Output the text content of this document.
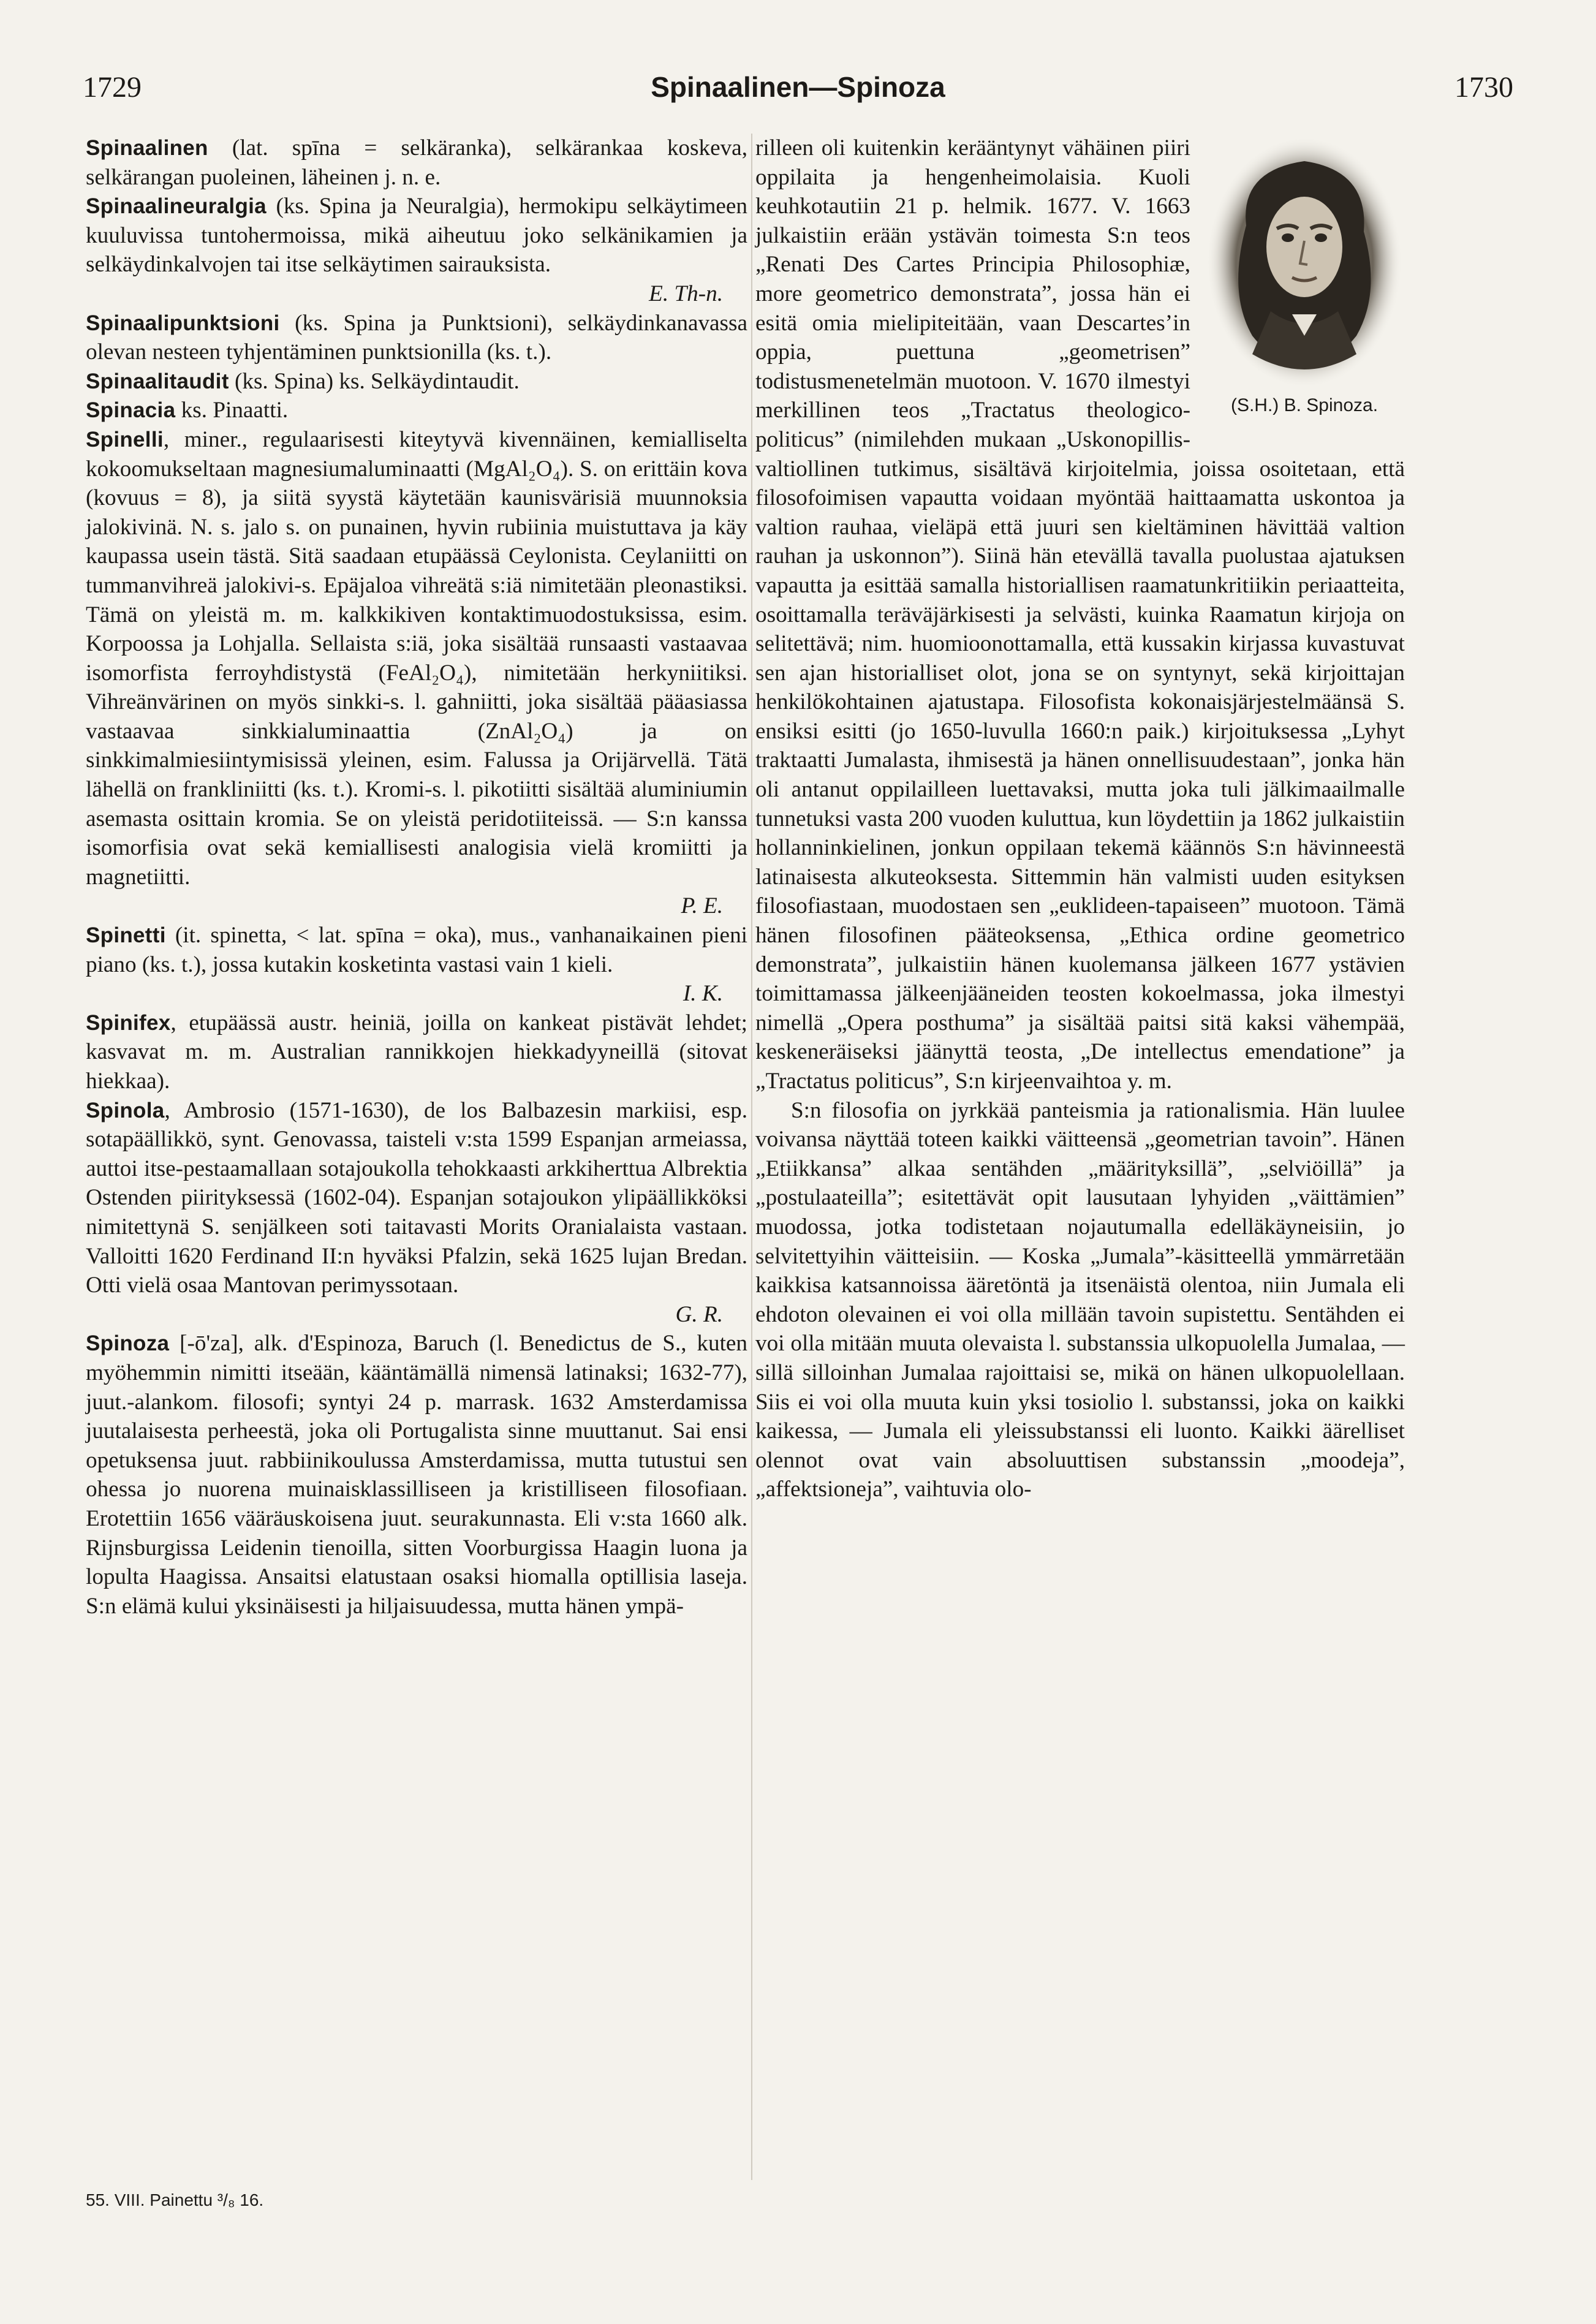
1729	Spinaalinen—Spinoza	1730

Spinaalinen (lat. spīna = selkäranka), selkärankaa koskeva, selkärangan puoleinen, läheinen j. n. e.

Spinaalineuralgia (ks. Spina ja Neuralgia), hermokipu selkäytimeen kuuluvissa tuntohermoissa, mikä aiheutuu joko selkänikamien ja selkäydinkalvojen tai itse selkäytimen sairauksista.

E. Th-n.

Spinaalipunktsioni (ks. Spina ja Punktsioni), selkäydinkanavassa olevan nesteen tyhjentäminen punktsionilla (ks. t.).

Spinaalitaudit (ks. Spina) ks. Selkäydintaudit.

Spinacia ks. Pinaatti.

Spinelli, miner., regulaarisesti kiteytyvä kivennäinen, kemialliselta kokoomukseltaan magnesiumaluminaatti (MgAl₂O₄). S. on erittäin kova (kovuus = 8), ja siitä syystä käytetään kaunisvärisiä muunnoksia jalokivinä. N. s. jalo s. on punainen, hyvin rubiinia muistuttava ja käy kaupassa usein tästä. Sitä saadaan etupäässä Ceylonista. Ceylaniitti on tummanvihreä jalokivi-s. Epäjaloa vihreätä s:iä nimitetään pleonastiksi. Tämä on yleistä m. m. kalkkikiven kontaktimuodostuksissa, esim. Korpoossa ja Lohjalla. Sellaista s:iä, joka sisältää runsaasti vastaavaa isomorfista ferroyhdistystä (FeAl₂O₄), nimitetään herkyniitiksi. Vihreänvärinen on myös sinkki-s. l. gahniitti, joka sisältää pääasiassa vastaavaa sinkkialuminaattia (ZnAl₂O₄) ja on sinkkimalmiesiintymisissä yleinen, esim. Falussa ja Orijärvellä. Tätä lähellä on frankliniitti (ks. t.). Kromi-s. l. pikotiitti sisältää aluminiumin asemasta osittain kromia. Se on yleistä peridotiiteissä. — S:n kanssa isomorfisia ovat sekä kemiallisesti analogisia vielä kromiitti ja magnetiitti.

P. E.

Spinetti (it. spinetta, < lat. spīna = oka), mus., vanhanaikainen pieni piano (ks. t.), jossa kutakin kosketinta vastasi vain 1 kieli.

I. K.

Spinifex, etupäässä austr. heiniä, joilla on kankeat pistävät lehdet; kasvavat m. m. Australian rannikkojen hiekkadyyneillä (sitovat hiekkaa).

Spinola, Ambrosio (1571-1630), de los Balbazesin markiisi, esp. sotapäällikkö, synt. Genovassa, taisteli v:sta 1599 Espanjan armeiassa, auttoi itse-pestaamallaan sotajoukolla tehokkaasti arkkiherttua Albrektia Ostenden piirityksessä (1602-04). Espanjan sotajoukon ylipäällikköksi nimitettynä S. senjälkeen soti taitavasti Morits Oranialaista vastaan. Valloitti 1620 Ferdinand II:n hyväksi Pfalzin, sekä 1625 lujan Bredan. Otti vielä osaa Mantovan perimyssotaan.

G. R.

Spinoza [-ō'za], alk. d'Espinoza, Baruch (l. Benedictus de S., kuten myöhemmin nimitti itseään, kääntämällä nimensä latinaksi; 1632-77), juut.-alankom. filosofi; syntyi 24 p. marrask. 1632 Amsterdamissa juutalaisesta perheestä, joka oli Portugalista sinne muuttanut. Sai ensi opetuksensa juut. rabbiinikoulussa Amsterdamissa, mutta tutustui sen ohessa jo nuorena muinaisklassilliseen ja kristilliseen filosofiaan. Erotettiin 1656 vääräuskoisena juut. seurakunnasta. Eli v:sta 1660 alk. Rijnsburgissa Leidenin tienoilla, sitten Voorburgissa Haagin luona ja lopulta Haagissa. Ansaitsi elatustaan osaksi hiomalla optillisia laseja. S:n elämä kului yksinäisesti ja hiljaisuudessa, mutta hänen ympä-

(S.H.) B. Spinoza.

rilleen oli kuitenkin kerääntynyt vähäinen piiri oppilaita ja hengenheimolaisia. Kuoli keuhkotautiin 21 p. helmik. 1677. V. 1663 julkaistiin erään ystävän toimesta S:n teos „Renati Des Cartes Principia Philosophiæ, more geometrico demonstrata”, jossa hän ei esitä omia mielipiteitään, vaan Descartes’in oppia, puettuna „geometrisen” todistusmenetelmän muotoon. V. 1670 ilmestyi merkillinen teos „Tractatus theologico-politicus” (nimilehden mukaan „Uskonopillis-valtiollinen tutkimus, sisältävä kirjoitelmia, joissa osoitetaan, että filosofoimisen vapautta voidaan myöntää haittaamatta uskontoa ja valtion rauhaa, vieläpä että juuri sen kieltäminen hävittää valtion rauhan ja uskonnon”). Siinä hän etevällä tavalla puolustaa ajatuksen vapautta ja esittää samalla historiallisen raamatunkritiikin periaatteita, osoittamalla teräväjärkisesti ja selvästi, kuinka Raamatun kirjoja on selitettävä; nim. huomioonottamalla, että kussakin kirjassa kuvastuvat sen ajan historialliset olot, jona se on syntynyt, sekä kirjoittajan henkilökohtainen ajatustapa. Filosofista kokonaisjärjestelmäänsä S. ensiksi esitti (jo 1650-luvulla 1660:n paik.) kirjoituksessa „Lyhyt traktaatti Jumalasta, ihmisestä ja hänen onnellisuudestaan”, jonka hän oli antanut oppilailleen luettavaksi, mutta joka tuli jälkimaailmalle tunnetuksi vasta 200 vuoden kuluttua, kun löydettiin ja 1862 julkaistiin hollanninkielinen, jonkun oppilaan tekemä käännös S:n hävinneestä latinaisesta alkuteoksesta. Sittemmin hän valmisti uuden esityksen filosofiastaan, muodostaen sen „euklideen-tapaiseen” muotoon. Tämä hänen filosofinen pääteoksensa, „Ethica ordine geometrico demonstrata”, julkaistiin hänen kuolemansa jälkeen 1677 ystävien toimittamassa jälkeenjääneiden teosten kokoelmassa, joka ilmestyi nimellä „Opera posthuma” ja sisältää paitsi sitä kaksi vähempää, keskeneräiseksi jäänyttä teosta, „De intellectus emendatione” ja „Tractatus politicus”, S:n kirjeenvaihtoa y. m.

S:n filosofia on jyrkkää panteismia ja rationalismia. Hän luulee voivansa näyttää toteen kaikki väitteensä „geometrian tavoin”. Hänen „Etiikkansa” alkaa sentähden „määrityksillä”, „selviöillä” ja „postulaateilla”; esitettävät opit lausutaan lyhyiden „väittämien” muodossa, jotka todistetaan nojautumalla edelläkäyneisiin, jo selvitettyihin väitteisiin. — Koska „Jumala”-käsitteellä ymmärretään kaikkisa katsannoissa ääretöntä ja itsenäistä olentoa, niin Jumala eli ehdoton olevainen ei voi olla millään tavoin supistettu. Sentähden ei voi olla mitään muuta olevaista l. substanssia ulkopuolella Jumalaa, — sillä silloinhan Jumalaa rajoittaisi se, mikä on hänen ulkopuolellaan. Siis ei voi olla muuta kuin yksi tosiolio l. substanssi, joka on kaikki kaikessa, — Jumala eli yleissubstanssi eli luonto. Kaikki äärelliset olennot ovat vain absoluuttisen substanssin „moodeja”, „affektsioneja”, vaihtuvia olo-

55. VIII. Painettu ³/₈ 16.
